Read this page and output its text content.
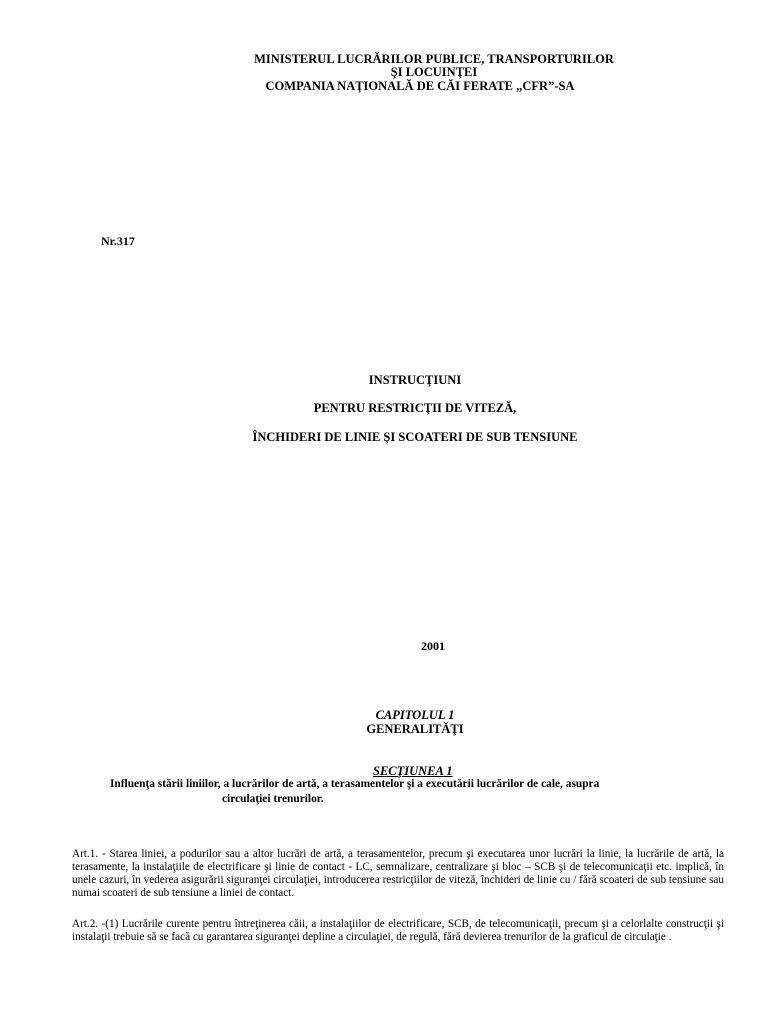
MINISTERUL LUCRĂRILOR PUBLICE, TRANSPORTURILOR

ŞI LOCUINŢEI

COMPANIA NAŢIONALĂ DE CĂI FERATE „CFR”-SA

Nr.317

INSTRUCŢIUNI

PENTRU RESTRICŢII DE VITEZĂ,

ÎNCHIDERI DE LINIE ŞI SCOATERI DE SUB TENSIUNE

2001

CAPITOLUL 1

GENERALITĂŢI

SECŢIUNEA 1

Influenţa stării liniilor, a lucrărilor de artă, a terasamentelor şi a executării lucrărilor de cale, asupra

circulaţiei trenurilor.

Art.1. - Starea liniei, a podurilor sau a altor lucrări de artă, a terasamentelor, precum şi executarea unor lucrări la linie, la lucrările de artă, la terasamente, la instalaţiile de electrificare şi linie de contact - LC, semnalizare, centralizare şi bloc – SCB şi de telecomunicaţii etc. implică, în unele cazuri, în vederea asigurării siguranţei circulaţiei, introducerea restricţiilor de viteză, închideri de linie cu / fără scoateri de sub tensiune sau numai scoateri de sub tensiune a liniei de contact.

Art.2. -(1) Lucrările curente pentru întreţinerea căii, a instalaţiilor de electrificare, SCB, de telecomunicaţii, precum şi a celorlalte construcţii şi instalaţii trebuie să se facă cu garantarea siguranţei depline a circulaţiei, de regulă, fără devierea trenurilor de la graficul de circulaţie .
